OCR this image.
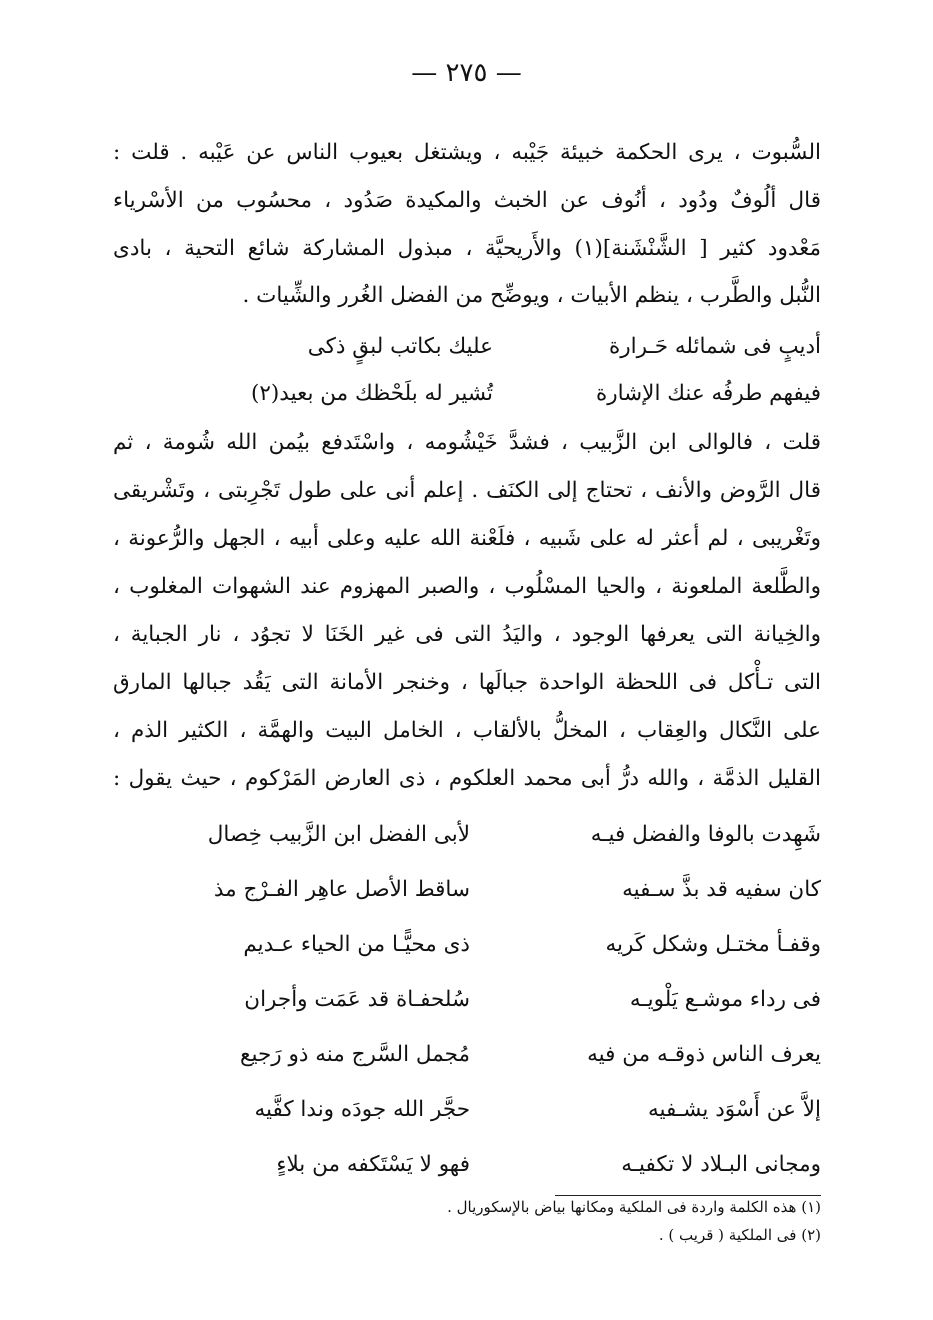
— ٢٧٥ —
السُّبوت ، يرى الحكمة خبيئة جَيْبه ، ويشتغل بعيوب الناس عن عَيْبه . قلت :
قال ألُوفٌ ودُود ، أنُوف عن الخبث والمكيدة صَدُود ، محسُوب من الأسْرياء
مَعْدود كثير [ الشَّنْشَنة](١) والأَريحيَّة ، مبذول المشاركة شائع التحية ، بادى
النُّبل والطَّرب ، ينظم الأبيات ، ويوضِّح من الفضل الغُرر والشِّيات .
عليك بكاتب لبقٍ ذكى	أديبٍ فى شمائله حَـرارة
تُشير له بلَحْظك من بعيد(٢)	فيفهم طرفُه عنك الإشارة
قلت ، فالوالى ابن الزَّبيب ، فشدَّ خَيْشُومه ، واسْتَدفع بيُمن الله شُومة ، ثم
قال الرَّوض والأنف ، تحتاج إلى الكنَف . إعلم أنى على طول تَجْرِبتى ، وتَشْريقى
وتَغْريبى ، لم أعثر له على شَبيه ، فلَعْنة الله عليه وعلى أبيه ، الجهل والرُّعونة ،
والطَّلعة الملعونة ، والحيا المسْلُوب ، والصبر المهزوم عند الشهوات المغلوب ،
والخِيانة التى يعرفها الوجود ، واليَدُ التى فى غير الخَنَا لا تجوُد ، نار الجباية ،
التى تـأْكل فى اللحظة الواحدة جبالَها ، وخنجر الأمانة التى يَقُد جبالها المارق
على النَّكال والعِقاب ، المخلُّ بالألقاب ، الخامل البيت والهمَّة ، الكثير الذم ،
القليل الذمَّة ، والله درُّ أبى محمد العلكوم ، ذى العارض المَرْكوم ، حيث يقول :
لأبى الفضل ابن الزَّبيب خِصال	شَهِدت بالوفا والفضل فيـه
ساقط الأصل عاهِر الفـرْج مذ	كان سفيه قد بذَّ سـفيه
ذى محيًّـا من الحياء عـديم	وقفـأ مختـل وشكل كَريه
سُلحفـاة قد عَمَت وأجران	فى رداء موشـع يَلْويـه
مُجمل السَّرج منه ذو رَجيع	يعرف الناس ذوقـه من فيه
حجَّر الله جودَه وندا كفَّيه	إلاَّ عن أَسْوَد يشـفيه
فهو لا يَسْتَكفه من بلاءٍ	ومجانى البـلاد لا تكفيـه
(١) هذه الكلمة واردة فى الملكية ومكانها بياض بالإسكوريال .
(٢) فى الملكية ( قريب ) .
